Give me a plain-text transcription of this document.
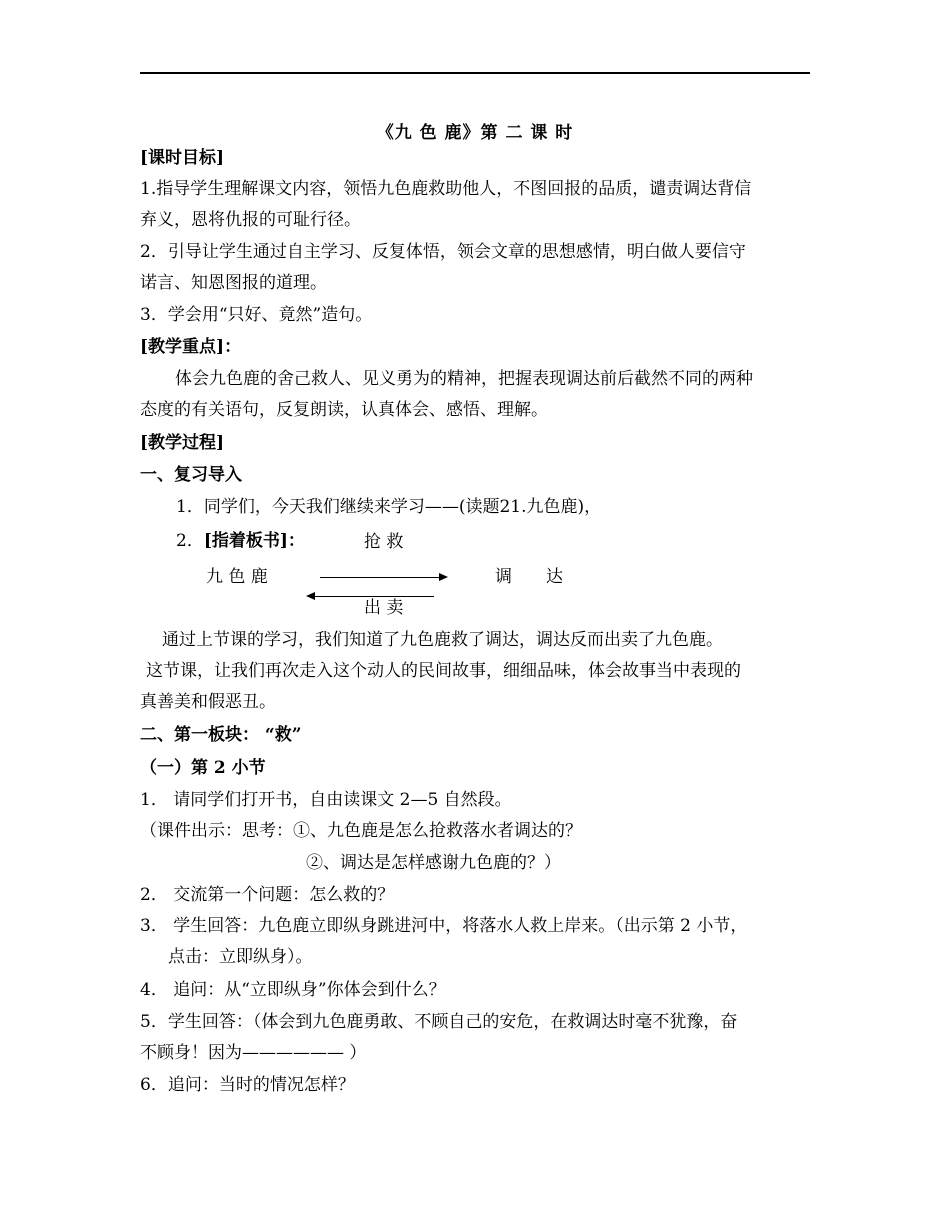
《九 色 鹿》第 二 课 时
[课时目标]
1.指导学生理解课文内容，领悟九色鹿救助他人，不图回报的品质，谴责调达背信
弃义，恩将仇报的可耻行径。
2．引导让学生通过自主学习、反复体悟，领会文章的思想感情，明白做人要信守
诺言、知恩图报的道理。
3．学会用“只好、竟然”造句。
[教学重点]：
体会九色鹿的舍己救人、见义勇为的精神，把握表现调达前后截然不同的两种
态度的有关语句，反复朗读，认真体会、感悟、理解。
[教学过程]
一、复习导入
1．同学们，今天我们继续来学习——(读题21.九色鹿)，
2．[指着板书]：	抢 救
九 色 鹿	调　　达
出 卖
通过上节课的学习，我们知道了九色鹿救了调达，调达反而出卖了九色鹿。
这节课，让我们再次走入这个动人的民间故事，细细品味，体会故事当中表现的
真善美和假恶丑。
二、第一板块： “救”
（一）第 2 小节
1． 请同学们打开书，自由读课文 2—5 自然段。
（课件出示：思考：①、九色鹿是怎么抢救落水者调达的？
②、调达是怎样感谢九色鹿的？）
2． 交流第一个问题：怎么救的？
3． 学生回答：九色鹿立即纵身跳进河中，将落水人救上岸来。（出示第 2 小节，
点击：立即纵身）。
4． 追问：从“立即纵身”你体会到什么？
5．学生回答：（体会到九色鹿勇敢、不顾自己的安危，在救调达时毫不犹豫，奋
不顾身！因为—————— ）
6．追问：当时的情况怎样？
